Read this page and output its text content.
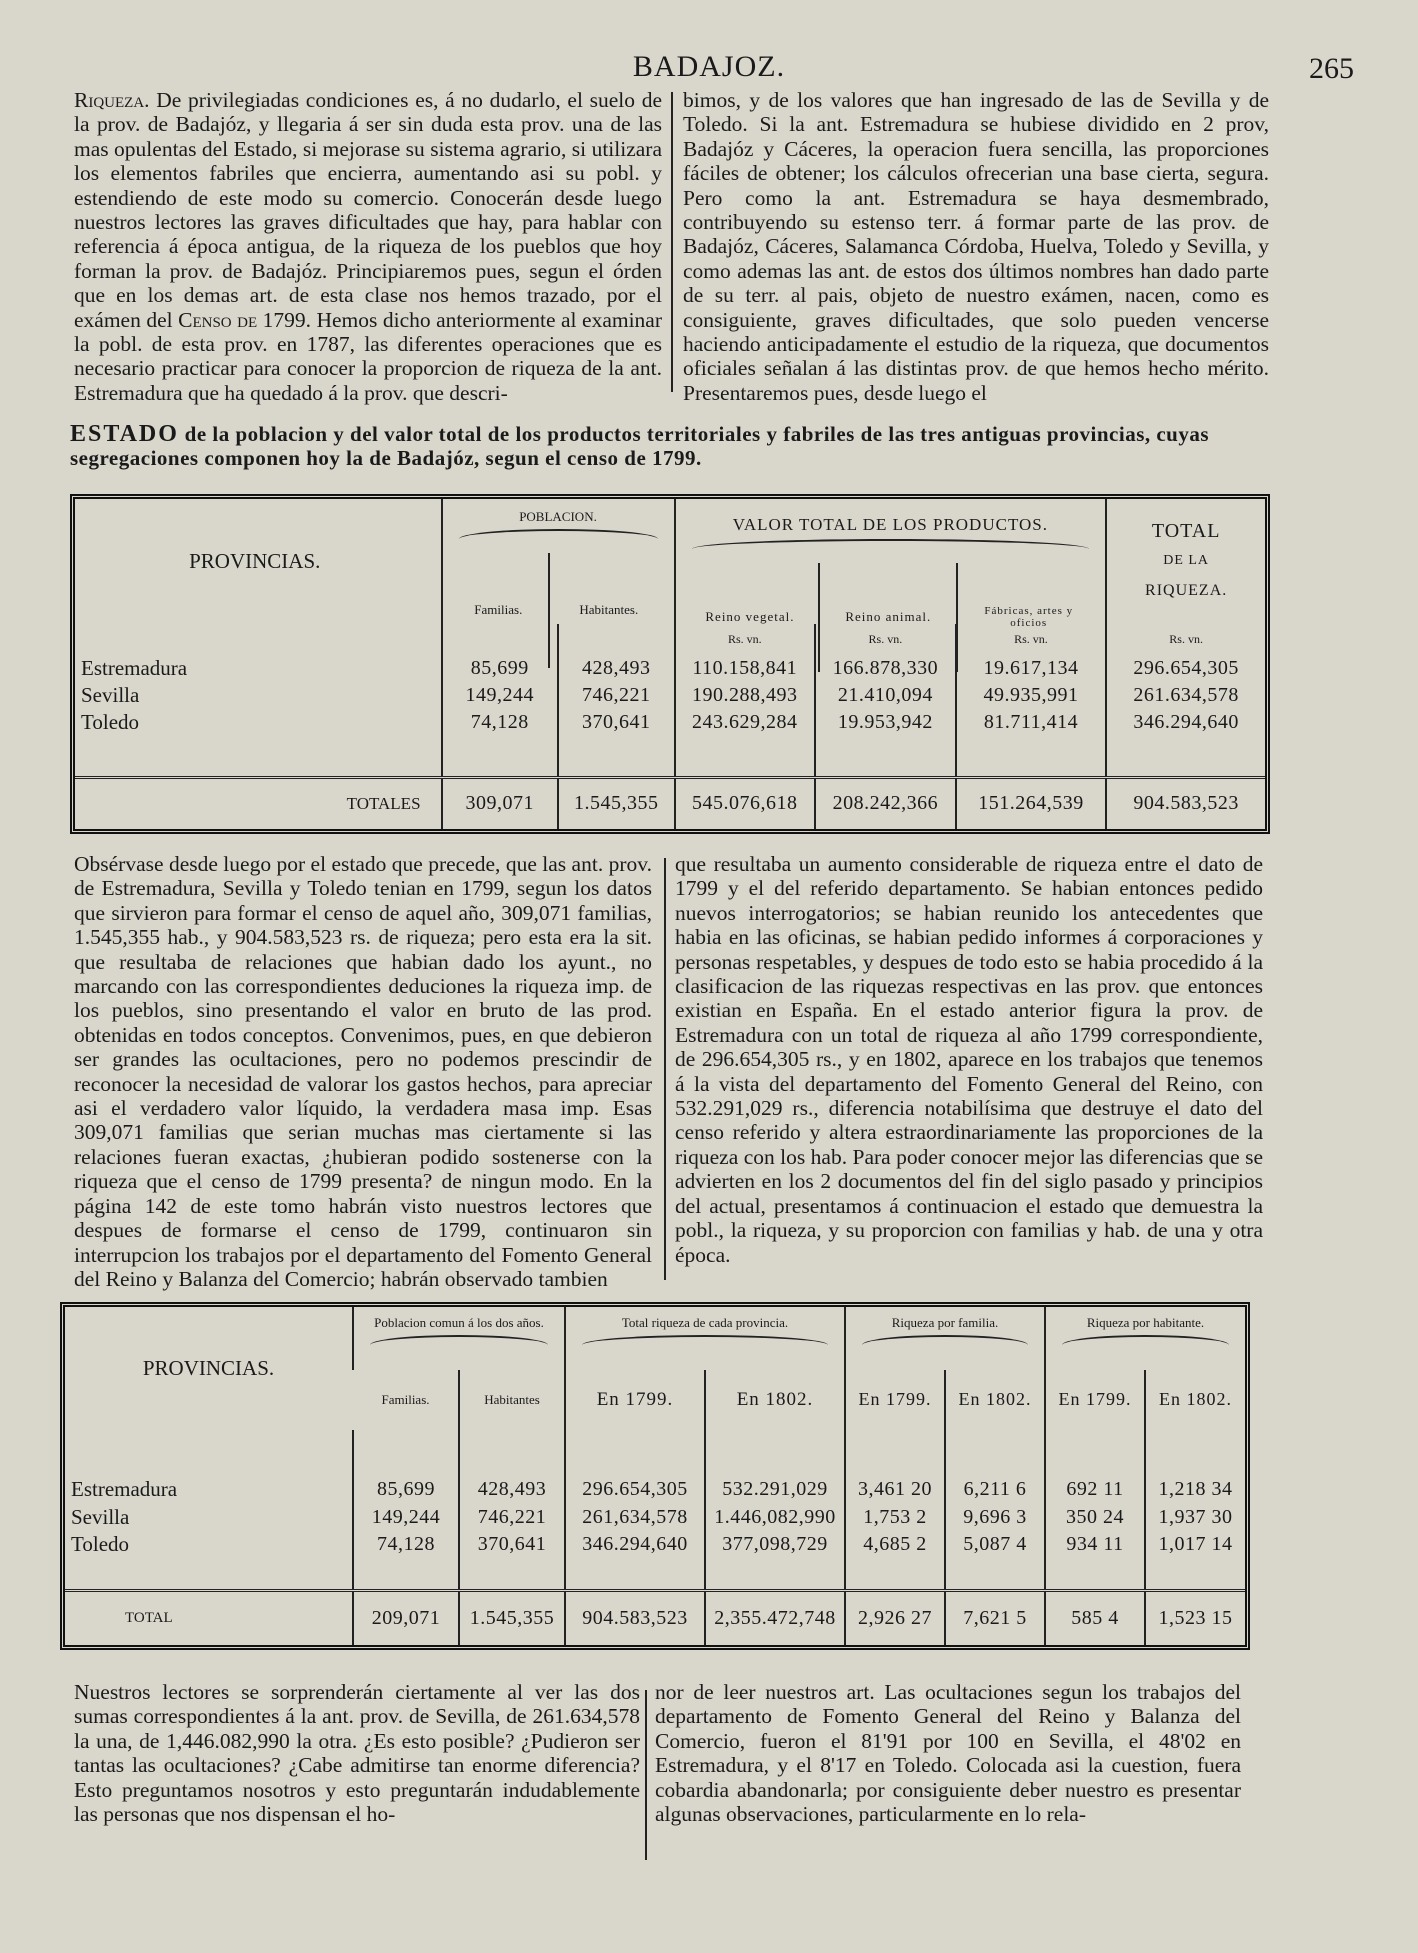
BADAJOZ.	265
Riqueza. De privilegiadas condiciones es, á no dudarlo, el suelo de la prov. de Badajóz, y llegaria á ser sin duda esta prov. una de las mas opulentas del Estado, si mejorase su sistema agrario, si utilizara los elementos fabriles que encierra, aumentando asi su pobl. y estendiendo de este modo su comercio. Conocerán desde luego nuestros lectores las graves dificultades que hay, para hablar con referencia á época antigua, de la riqueza de los pueblos que hoy forman la prov. de Badajóz. Principiaremos pues, segun el órden que en los demas art. de esta clase nos hemos trazado, por el exámen del Censo de 1799. Hemos dicho anteriormente al examinar la pobl. de esta prov. en 1787, las diferentes operaciones que es necesario practicar para conocer la proporcion de riqueza de la ant. Estremadura que ha quedado á la prov. que descri-
bimos, y de los valores que han ingresado de las de Sevilla y de Toledo. Si la ant. Estremadura se hubiese dividido en 2 prov, Badajóz y Cáceres, la operacion fuera sencilla, las proporciones fáciles de obtener; los cálculos ofrecerian una base cierta, segura. Pero como la ant. Estremadura se haya desmembrado, contribuyendo su estenso terr. á formar parte de las prov. de Badajóz, Cáceres, Salamanca Córdoba, Huelva, Toledo y Sevilla, y como ademas las ant. de estos dos últimos nombres han dado parte de su terr. al pais, objeto de nuestro exámen, nacen, como es consiguiente, graves dificultades, que solo pueden vencerse haciendo anticipadamente el estudio de la riqueza, que documentos oficiales señalan á las distintas prov. de que hemos hecho mérito. Presentaremos pues, desde luego el
ESTADO de la poblacion y del valor total de los productos territoriales y fabriles de las tres antiguas provincias, cuyas segregaciones componen hoy la de Badajóz, segun el censo de 1799.
PROVINCIAS.	POBLACION.
Familias.	Habitantes.
	VALOR TOTAL DE LOS PRODUCTOS.
Reino vegetal.	Reino animal.	Fábricas, artes y oficios

TOTAL
DE LA
RIQUEZA.

			Rs. vn.	Rs. vn.	Rs. vn.	Rs. vn.
Estremadura	85,699	428,493	110.158,841	166.878,330	19.617,134	296.654,305
Sevilla	149,244	746,221	190.288,493	21.410,094	49.935,991	261.634,578
Toledo	74,128	370,641	243.629,284	19.953,942	81.711,414	346.294,640

TOTALES	309,071	1.545,355	545.076,618	208.242,366	151.264,539	904.583,523
Obsérvase desde luego por el estado que precede, que las ant. prov. de Estremadura, Sevilla y Toledo tenian en 1799, segun los datos que sirvieron para formar el censo de aquel año, 309,071 familias, 1.545,355 hab., y 904.583,523 rs. de riqueza; pero esta era la sit. que resultaba de relaciones que habian dado los ayunt., no marcando con las correspondientes deduciones la riqueza imp. de los pueblos, sino presentando el valor en bruto de las prod. obtenidas en todos conceptos. Convenimos, pues, en que debieron ser grandes las ocultaciones, pero no podemos prescindir de reconocer la necesidad de valorar los gastos hechos, para apreciar asi el verdadero valor líquido, la verdadera masa imp. Esas 309,071 familias que serian muchas mas ciertamente si las relaciones fueran exactas, ¿hubieran podido sostenerse con la riqueza que el censo de 1799 presenta? de ningun modo. En la página 142 de este tomo habrán visto nuestros lectores que despues de formarse el censo de 1799, continuaron sin interrupcion los trabajos por el departamento del Fomento General del Reino y Balanza del Comercio; habrán observado tambien
que resultaba un aumento considerable de riqueza entre el dato de 1799 y el del referido departamento. Se habian entonces pedido nuevos interrogatorios; se habian reunido los antecedentes que habia en las oficinas, se habian pedido informes á corporaciones y personas respetables, y despues de todo esto se habia procedido á la clasificacion de las riquezas respectivas en las prov. que entonces existian en España. En el estado anterior figura la prov. de Estremadura con un total de riqueza al año 1799 correspondiente, de 296.654,305 rs., y en 1802, aparece en los trabajos que tenemos á la vista del departamento del Fomento General del Reino, con 532.291,029 rs., diferencia notabilísima que destruye el dato del censo referido y altera estraordinariamente las proporciones de la riqueza con los hab. Para poder conocer mejor las diferencias que se advierten en los 2 documentos del fin del siglo pasado y principios del actual, presentamos á continuacion el estado que demuestra la pobl., la riqueza, y su proporcion con familias y hab. de una y otra época.
PROVINCIAS.	Poblacion comun á los dos años.		Total riqueza de cada provincia.		Riqueza por familia.		Riqueza por habitante.	

	Familias.	Habitantes	En 1799.	En 1802.	En 1799.	En 1802.	En 1799.	En 1802.

Estremadura	85,699	428,493	296.654,305	532.291,029	3,461 20	6,211 6	692 11	1,218 34
Sevilla	149,244	746,221	261,634,578	1.446,082,990	1,753 2	9,696 3	350 24	1,937 30
Toledo	74,128	370,641	346.294,640	377,098,729	4,685 2	5,087 4	934 11	1,017 14

TOTAL	209,071	1.545,355	904.583,523	2,355.472,748	2,926 27	7,621 5	585 4	1,523 15
Nuestros lectores se sorprenderán ciertamente al ver las dos sumas correspondientes á la ant. prov. de Sevilla, de 261.634,578 la una, de 1,446.082,990 la otra. ¿Es esto posible? ¿Pudieron ser tantas las ocultaciones? ¿Cabe admitirse tan enorme diferencia? Esto preguntamos nosotros y esto preguntarán indudablemente las personas que nos dispensan el ho-
nor de leer nuestros art. Las ocultaciones segun los trabajos del departamento de Fomento General del Reino y Balanza del Comercio, fueron el 81'91 por 100 en Sevilla, el 48'02 en Estremadura, y el 8'17 en Toledo. Colocada asi la cuestion, fuera cobardia abandonarla; por consiguiente deber nuestro es presentar algunas observaciones, particularmente en lo rela-
